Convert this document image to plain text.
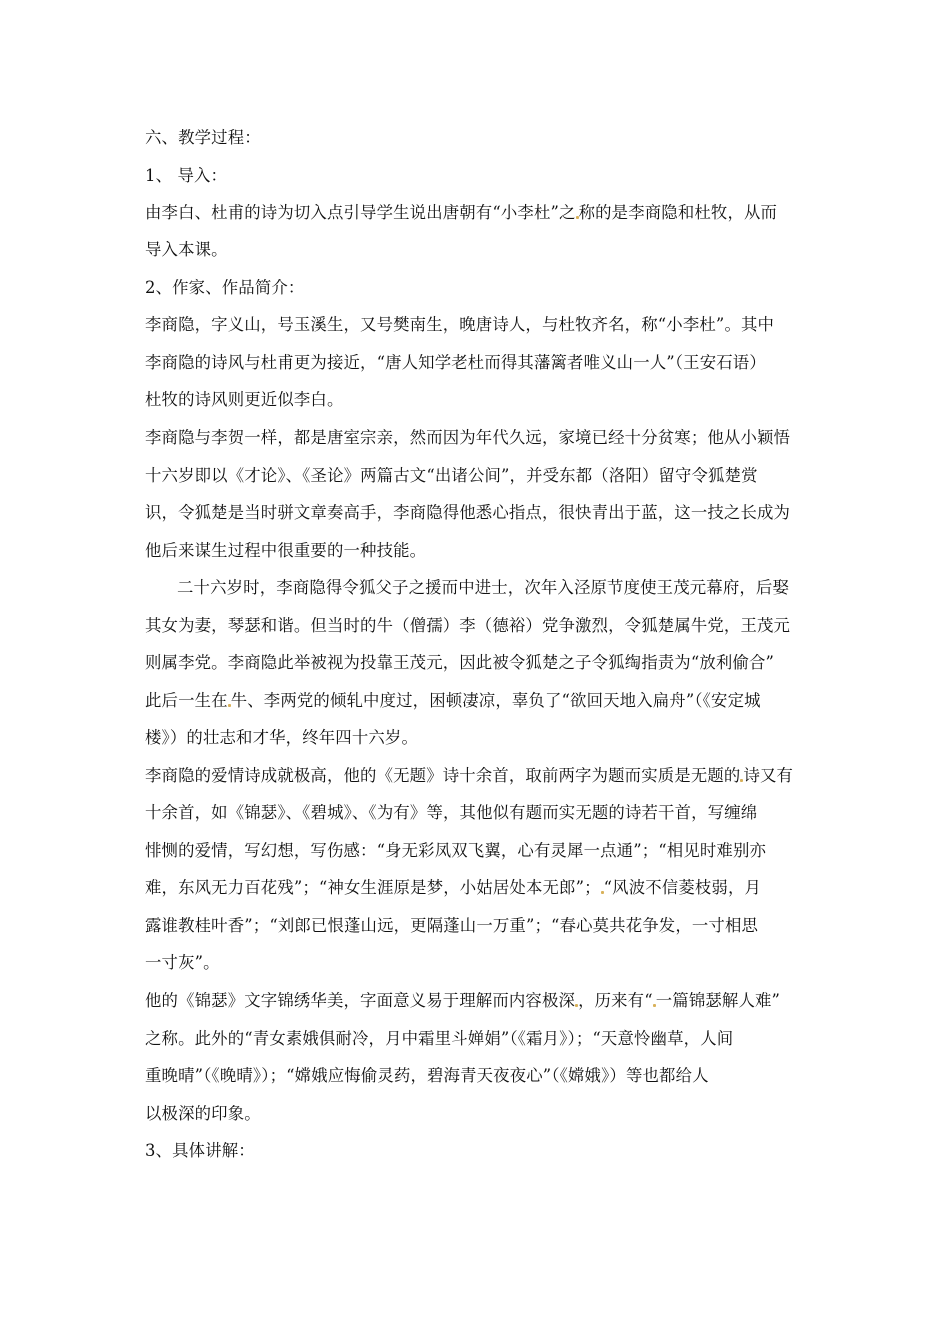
六、教学过程：
1、 导入：
由李白、杜甫的诗为切入点引导学生说出唐朝有“小李杜”之 称的是李商隐和杜牧，从而
导入本课。
2、作家、作品简介：
李商隐，字义山，号玉溪生，又号樊南生，晚唐诗人，与杜牧齐名，称“小李杜”。其中
李商隐的诗风与杜甫更为接近，“唐人知学老杜而得其藩篱者唯义山一人”（王安石语）
杜牧的诗风则更近似李白。
李商隐与李贺一样，都是唐室宗亲，然而因为年代久远，家境已经十分贫寒；他从小颖悟
十六岁即以《才论》、《圣论》两篇古文“出诸公间”，并受东都（洛阳）留守令狐楚赏
识，令狐楚是当时骈文章奏高手，李商隐得他悉心指点，很快青出于蓝，这一技之长成为
他后来谋生过程中很重要的一种技能。
二十六岁时，李商隐得令狐父子之援而中进士，次年入泾原节度使王茂元幕府，后娶
其女为妻，琴瑟和谐。但当时的牛（僧孺）李（德裕）党争激烈，令狐楚属牛党，王茂元
则属李党。李商隐此举被视为投靠王茂元，因此被令狐楚之子令狐绹指责为“放利偷合”
此后一生在 牛、李两党的倾轧中度过，困顿凄凉，辜负了“欲回天地入扁舟”（《安定城
楼》）的壮志和才华，终年四十六岁。
李商隐的爱情诗成就极高，他的《无题》诗十余首，取前两字为题而实质是无题的 诗又有
十余首，如《锦瑟》、《碧城》、《为有》等，其他似有题而实无题的诗若干首，写缠绵
悱恻的爱情，写幻想，写伤感：“身无彩凤双飞翼，心有灵犀一点通”；“相见时难别亦
难，东风无力百花残”；“神女生涯原是梦，小姑居处本无郎”； “风波不信菱枝弱，月
露谁教桂叶香”；“刘郎已恨蓬山远，更隔蓬山一万重”；“春心莫共花争发，一寸相思
一寸灰”。
他的《锦瑟》文字锦绣华美，字面意义易于理解而内容极深 ，历来有“ 一篇锦瑟解人难”
之称。此外的“青女素娥俱耐冷，月中霜里斗婵娟”（《霜月》）；“天意怜幽草，人间
重晚晴”（《晚晴》）；“嫦娥应悔偷灵药，碧海青天夜夜心”（《嫦娥》）等也都给人
以极深的印象。
3、具体讲解：
